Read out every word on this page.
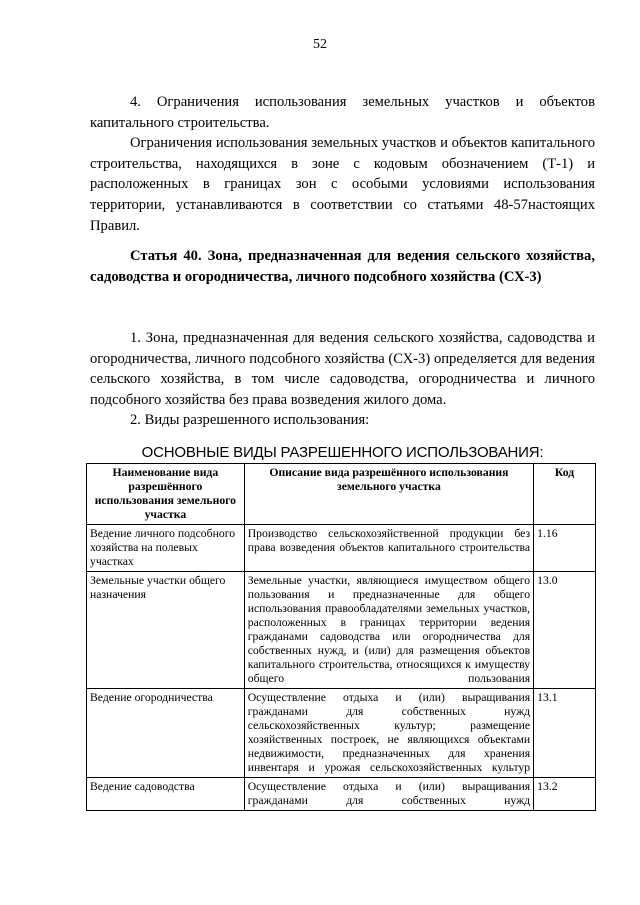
52

4. Ограничения использования земельных участков и объектов капитального строительства.

Ограничения использования земельных участков и объектов капитального строительства, находящихся в зоне с кодовым обозначением (Т-1) и расположенных в границах зон с особыми условиями использования территории, устанавливаются в соответствии со статьями 48-57настоящих Правил.

Статья 40. Зона, предназначенная для ведения сельского хозяйства, садоводства и огородничества, личного подсобного хозяйства (СХ-3)

1. Зона, предназначенная для ведения сельского хозяйства, садоводства и огородничества, личного подсобного хозяйства (СХ-3) определяется для ведения сельского хозяйства, в том числе садоводства, огородничества и личного подсобного хозяйства без права возведения жилого дома.

2. Виды разрешенного использования:

ОСНОВНЫЕ ВИДЫ РАЗРЕШЕННОГО ИСПОЛЬЗОВАНИЯ:
Наименование вида разрешённого использования земельного участка	Описание вида разрешённого использования земельного участка	Код
Ведение личного подсобного хозяйства на полевых участках	Производство сельскохозяйственной продукции без права возведения объектов капитального строительства	1.16
Земельные участки общего назначения	Земельные участки, являющиеся имуществом общего пользования и предназначенные для общего использования правообладателями земельных участков, расположенных в границах территории ведения гражданами садоводства или огородничества для собственных нужд, и (или) для размещения объектов капитального строительства, относящихся к имуществу общего пользования	13.0
Ведение огородничества	Осуществление отдыха и (или) выращивания гражданами для собственных нужд сельскохозяйственных культур; размещение хозяйственных построек, не являющихся объектами недвижимости, предназначенных для хранения инвентаря и урожая сельскохозяйственных культур	13.1
Ведение садоводства	Осуществление отдыха и (или) выращивания гражданами для собственных нужд	13.2
